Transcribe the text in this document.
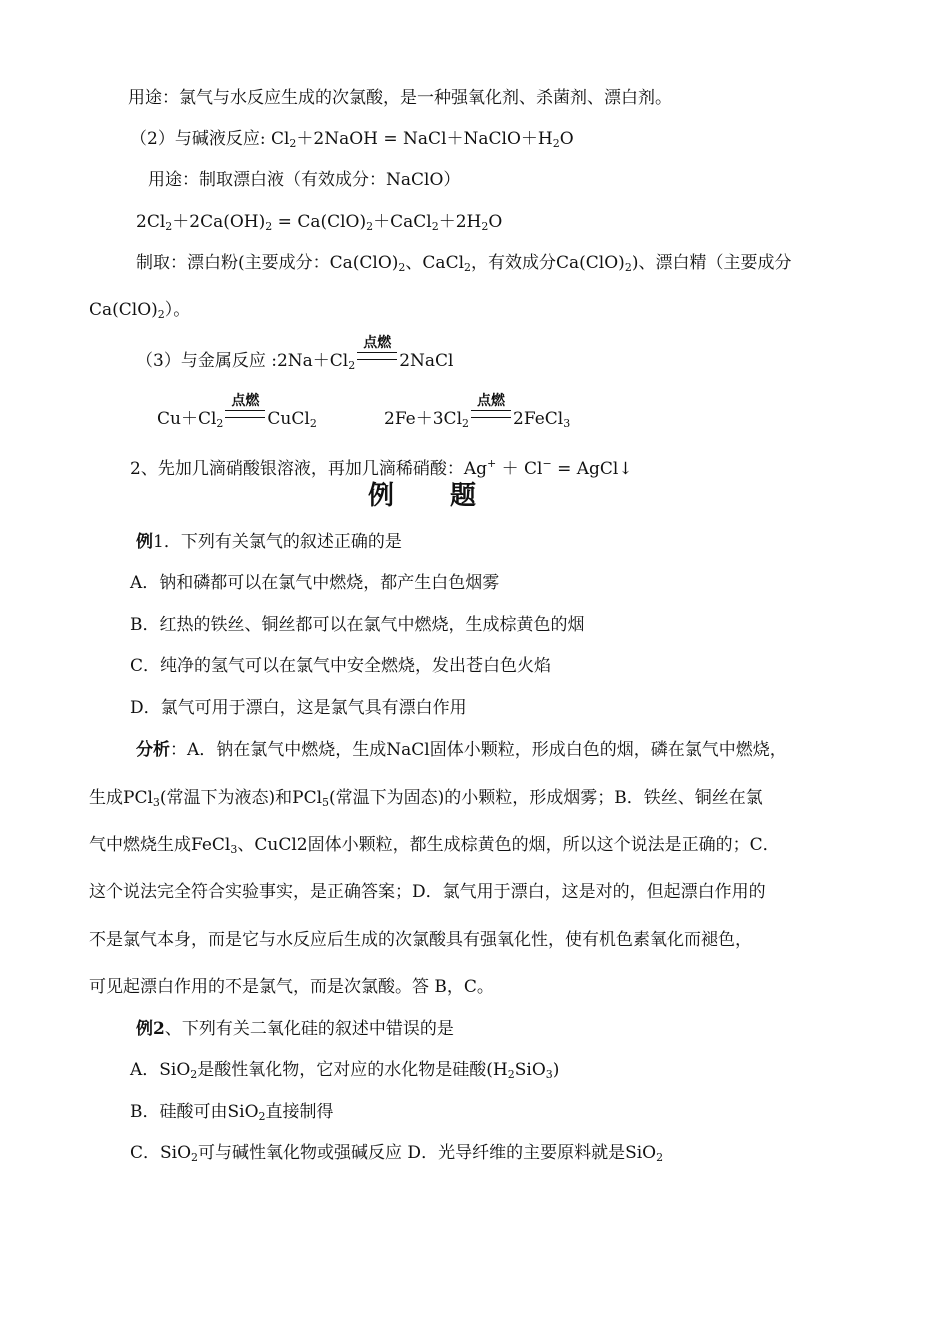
用途：氯气与水反应生成的次氯酸，是一种强氧化剂、杀菌剂、漂白剂。
（2）与碱液反应: $Cl_2+2NaOH$ = $NaCl+NaClO+H_2O$
用途：制取漂白液（有效成分：NaClO）
$2Cl_2+2Ca(OH)_2$ = $Ca(ClO)_2+CaCl_2+2H_2O$
制取：漂白粉(主要成分：$Ca(ClO)_2$、CaCl$_2$，有效成分$Ca(ClO)_2$)、漂白精（主要成分
$Ca(ClO)_2$）。
（3）与金属反应 $:2Na+Cl_2$
点燃
2NaCl
$Cu+Cl_2$
点燃
CuCl$_2$	$2Fe+3Cl_2$
点燃
2FeCl$_3$
2、先加几滴硝酸银溶液，再加几滴稀硝酸：Ag+ ＋ Cl− = AgCl↓
例 题
例1．下列有关氯气的叙述正确的是
A．钠和磷都可以在氯气中燃烧，都产生白色烟雾
B．红热的铁丝、铜丝都可以在氯气中燃烧，生成棕黄色的烟
C．纯净的氢气可以在氯气中安全燃烧，发出苍白色火焰
D．氯气可用于漂白，这是氯气具有漂白作用
分析：A．钠在氯气中燃烧，生成NaCl固体小颗粒，形成白色的烟，磷在氯气中燃烧，
生成PCl$_3$(常温下为液态)和PCl$_5$(常温下为固态)的小颗粒，形成烟雾；B．铁丝、铜丝在氯
气中燃烧生成FeCl$_3$、CuCl2固体小颗粒，都生成棕黄色的烟，所以这个说法是正确的；C．
这个说法完全符合实验事实，是正确答案；D．氯气用于漂白，这是对的，但起漂白作用的
不是氯气本身，而是它与水反应后生成的次氯酸具有强氧化性，使有机色素氧化而褪色，
可见起漂白作用的不是氯气，而是次氯酸。答 B，C。
例2、下列有关二氧化硅的叙述中错误的是
A．SiO$_2$是酸性氧化物，它对应的水化物是硅酸$(H_2SiO_3)$
B．硅酸可由SiO$_2$直接制得
C．SiO$_2$可与碱性氧化物或强碱反应 D．光导纤维的主要原料就是SiO$_2$
